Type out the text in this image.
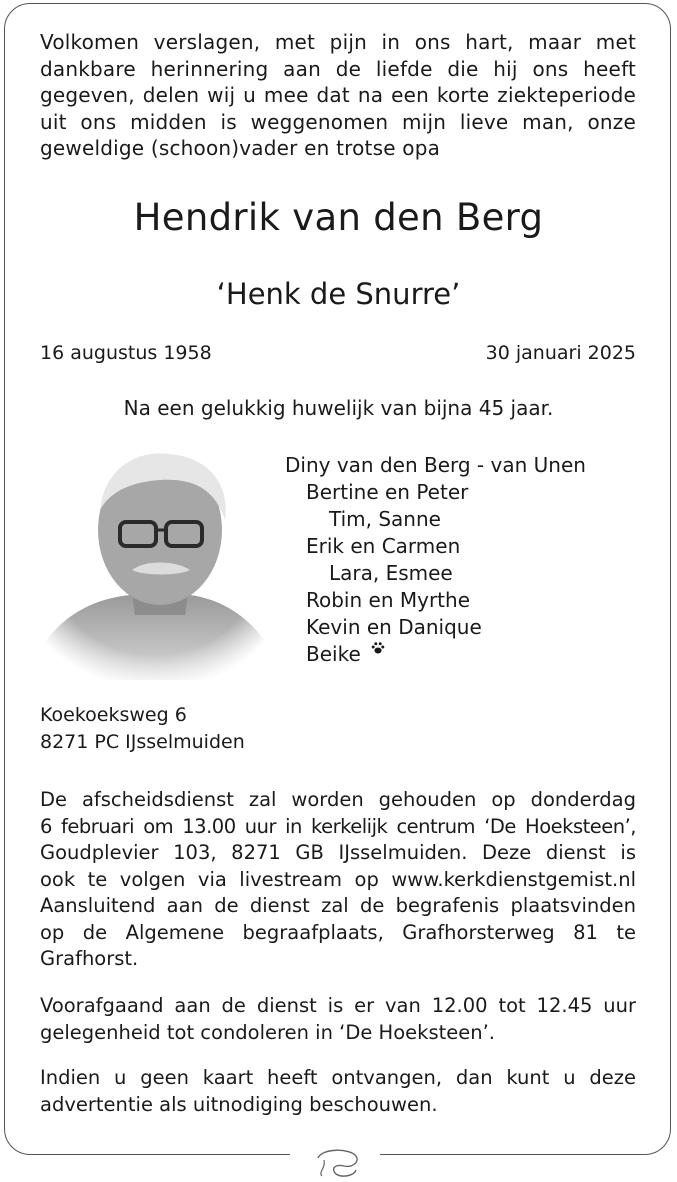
Volkomen verslagen, met pijn in ons hart, maar met
dankbare herinnering aan de liefde die hij ons heeft
gegeven, delen wij u mee dat na een korte ziekteperiode
uit ons midden is weggenomen mijn lieve man, onze
geweldige (schoon)vader en trotse opa
Hendrik van den Berg
‘Henk de Snurre’
16 augustus 1958	30 januari 2025
Na een gelukkig huwelijk van bijna 45 jaar.
Diny van den Berg - van Unen
Bertine en Peter
Tim, Sanne
Erik en Carmen
Lara, Esmee
Robin en Myrthe
Kevin en Danique
Beike
Koekoeksweg 6
8271 PC IJsselmuiden
De afscheidsdienst zal worden gehouden op donderdag
6 februari om 13.00 uur in kerkelijk centrum ‘De Hoeksteen’,
Goudplevier 103, 8271 GB IJsselmuiden. Deze dienst is
ook te volgen via livestream op www.kerkdienstgemist.nl
Aansluitend aan de dienst zal de begrafenis plaatsvinden
op de Algemene begraafplaats, Grafhorsterweg 81 te
Grafhorst.
Voorafgaand aan de dienst is er van 12.00 tot 12.45 uur
gelegenheid tot condoleren in ‘De Hoeksteen’.
Indien u geen kaart heeft ontvangen, dan kunt u deze
advertentie als uitnodiging beschouwen.
